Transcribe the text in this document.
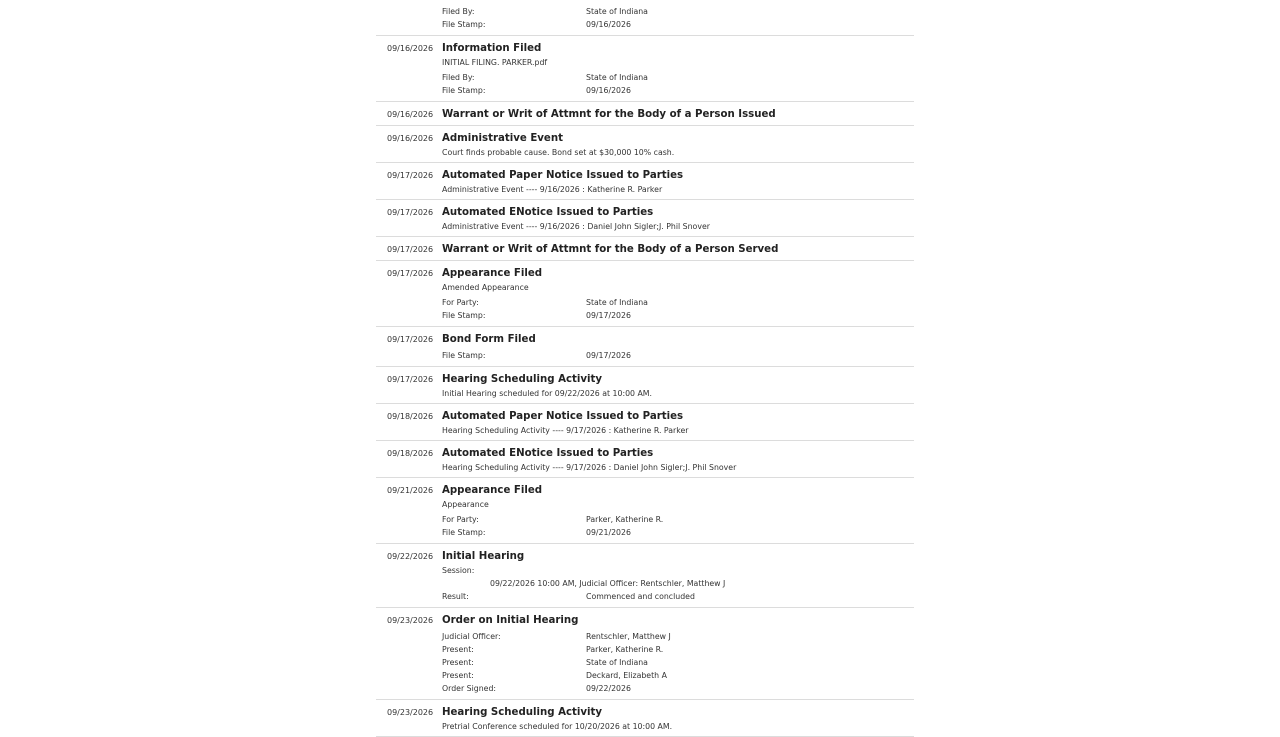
Filed By:	State of Indiana
File Stamp:	09/16/2026
09/16/2026 Information Filed
INITIAL FILING. PARKER.pdf
Filed By:	State of Indiana
File Stamp:	09/16/2026
09/16/2026 Warrant or Writ of Attmnt for the Body of a Person Issued
09/16/2026 Administrative Event
Court finds probable cause. Bond set at $30,000 10% cash.
09/17/2026 Automated Paper Notice Issued to Parties
Administrative Event ---- 9/16/2026 : Katherine R. Parker
09/17/2026 Automated ENotice Issued to Parties
Administrative Event ---- 9/16/2026 : Daniel John Sigler;J. Phil Snover
09/17/2026 Warrant or Writ of Attmnt for the Body of a Person Served
09/17/2026 Appearance Filed
Amended Appearance
For Party:	State of Indiana
File Stamp:	09/17/2026
09/17/2026 Bond Form Filed
File Stamp:	09/17/2026
09/17/2026 Hearing Scheduling Activity
Initial Hearing scheduled for 09/22/2026 at 10:00 AM.
09/18/2026 Automated Paper Notice Issued to Parties
Hearing Scheduling Activity ---- 9/17/2026 : Katherine R. Parker
09/18/2026 Automated ENotice Issued to Parties
Hearing Scheduling Activity ---- 9/17/2026 : Daniel John Sigler;J. Phil Snover
09/21/2026 Appearance Filed
Appearance
For Party:	Parker, Katherine R.
File Stamp:	09/21/2026
09/22/2026 Initial Hearing
Session:
09/22/2026 10:00 AM, Judicial Officer: Rentschler, Matthew J
Result:	Commenced and concluded
09/23/2026 Order on Initial Hearing
Judicial Officer:	Rentschler, Matthew J
Present:	Parker, Katherine R.
Present:	State of Indiana
Present:	Deckard, Elizabeth A
Order Signed:	09/22/2026
09/23/2026 Hearing Scheduling Activity
Pretrial Conference scheduled for 10/20/2026 at 10:00 AM.
